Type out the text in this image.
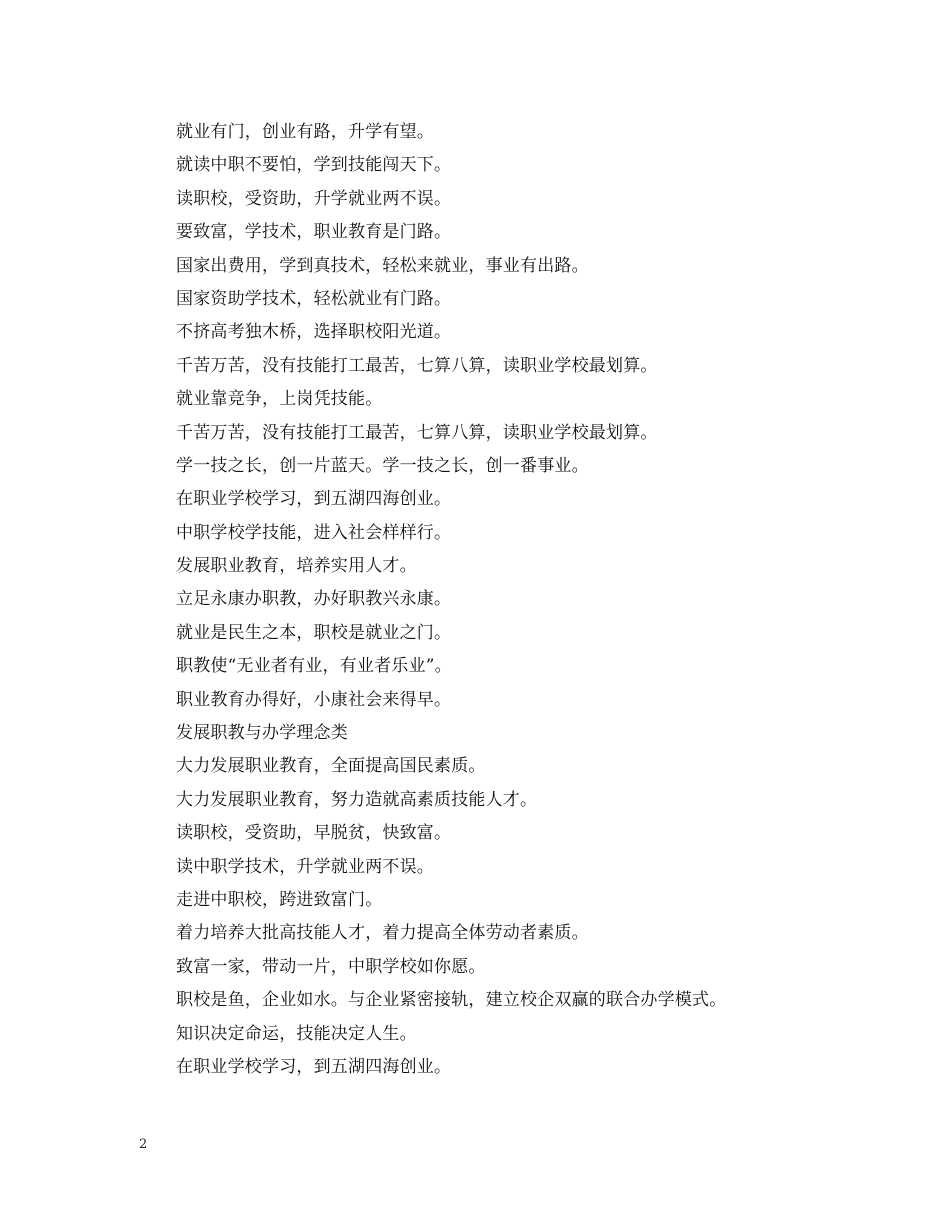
就业有门，创业有路，升学有望。
就读中职不要怕，学到技能闯天下。
读职校，受资助，升学就业两不误。
要致富，学技术，职业教育是门路。
国家出费用，学到真技术，轻松来就业，事业有出路。
国家资助学技术，轻松就业有门路。
不挤高考独木桥，选择职校阳光道。
千苦万苦，没有技能打工最苦，七算八算，读职业学校最划算。
就业靠竞争，上岗凭技能。
千苦万苦，没有技能打工最苦，七算八算，读职业学校最划算。
学一技之长，创一片蓝天。学一技之长，创一番事业。
在职业学校学习，到五湖四海创业。
中职学校学技能，进入社会样样行。
发展职业教育，培养实用人才。
立足永康办职教，办好职教兴永康。
就业是民生之本，职校是就业之门。
职教使“无业者有业，有业者乐业”。
职业教育办得好，小康社会来得早。
发展职教与办学理念类
大力发展职业教育，全面提高国民素质。
大力发展职业教育，努力造就高素质技能人才。
读职校，受资助，早脱贫，快致富。
读中职学技术，升学就业两不误。
走进中职校，跨进致富门。
着力培养大批高技能人才，着力提高全体劳动者素质。
致富一家，带动一片，中职学校如你愿。
职校是鱼，企业如水。与企业紧密接轨，建立校企双赢的联合办学模式。
知识决定命运，技能决定人生。
在职业学校学习，到五湖四海创业。
2
